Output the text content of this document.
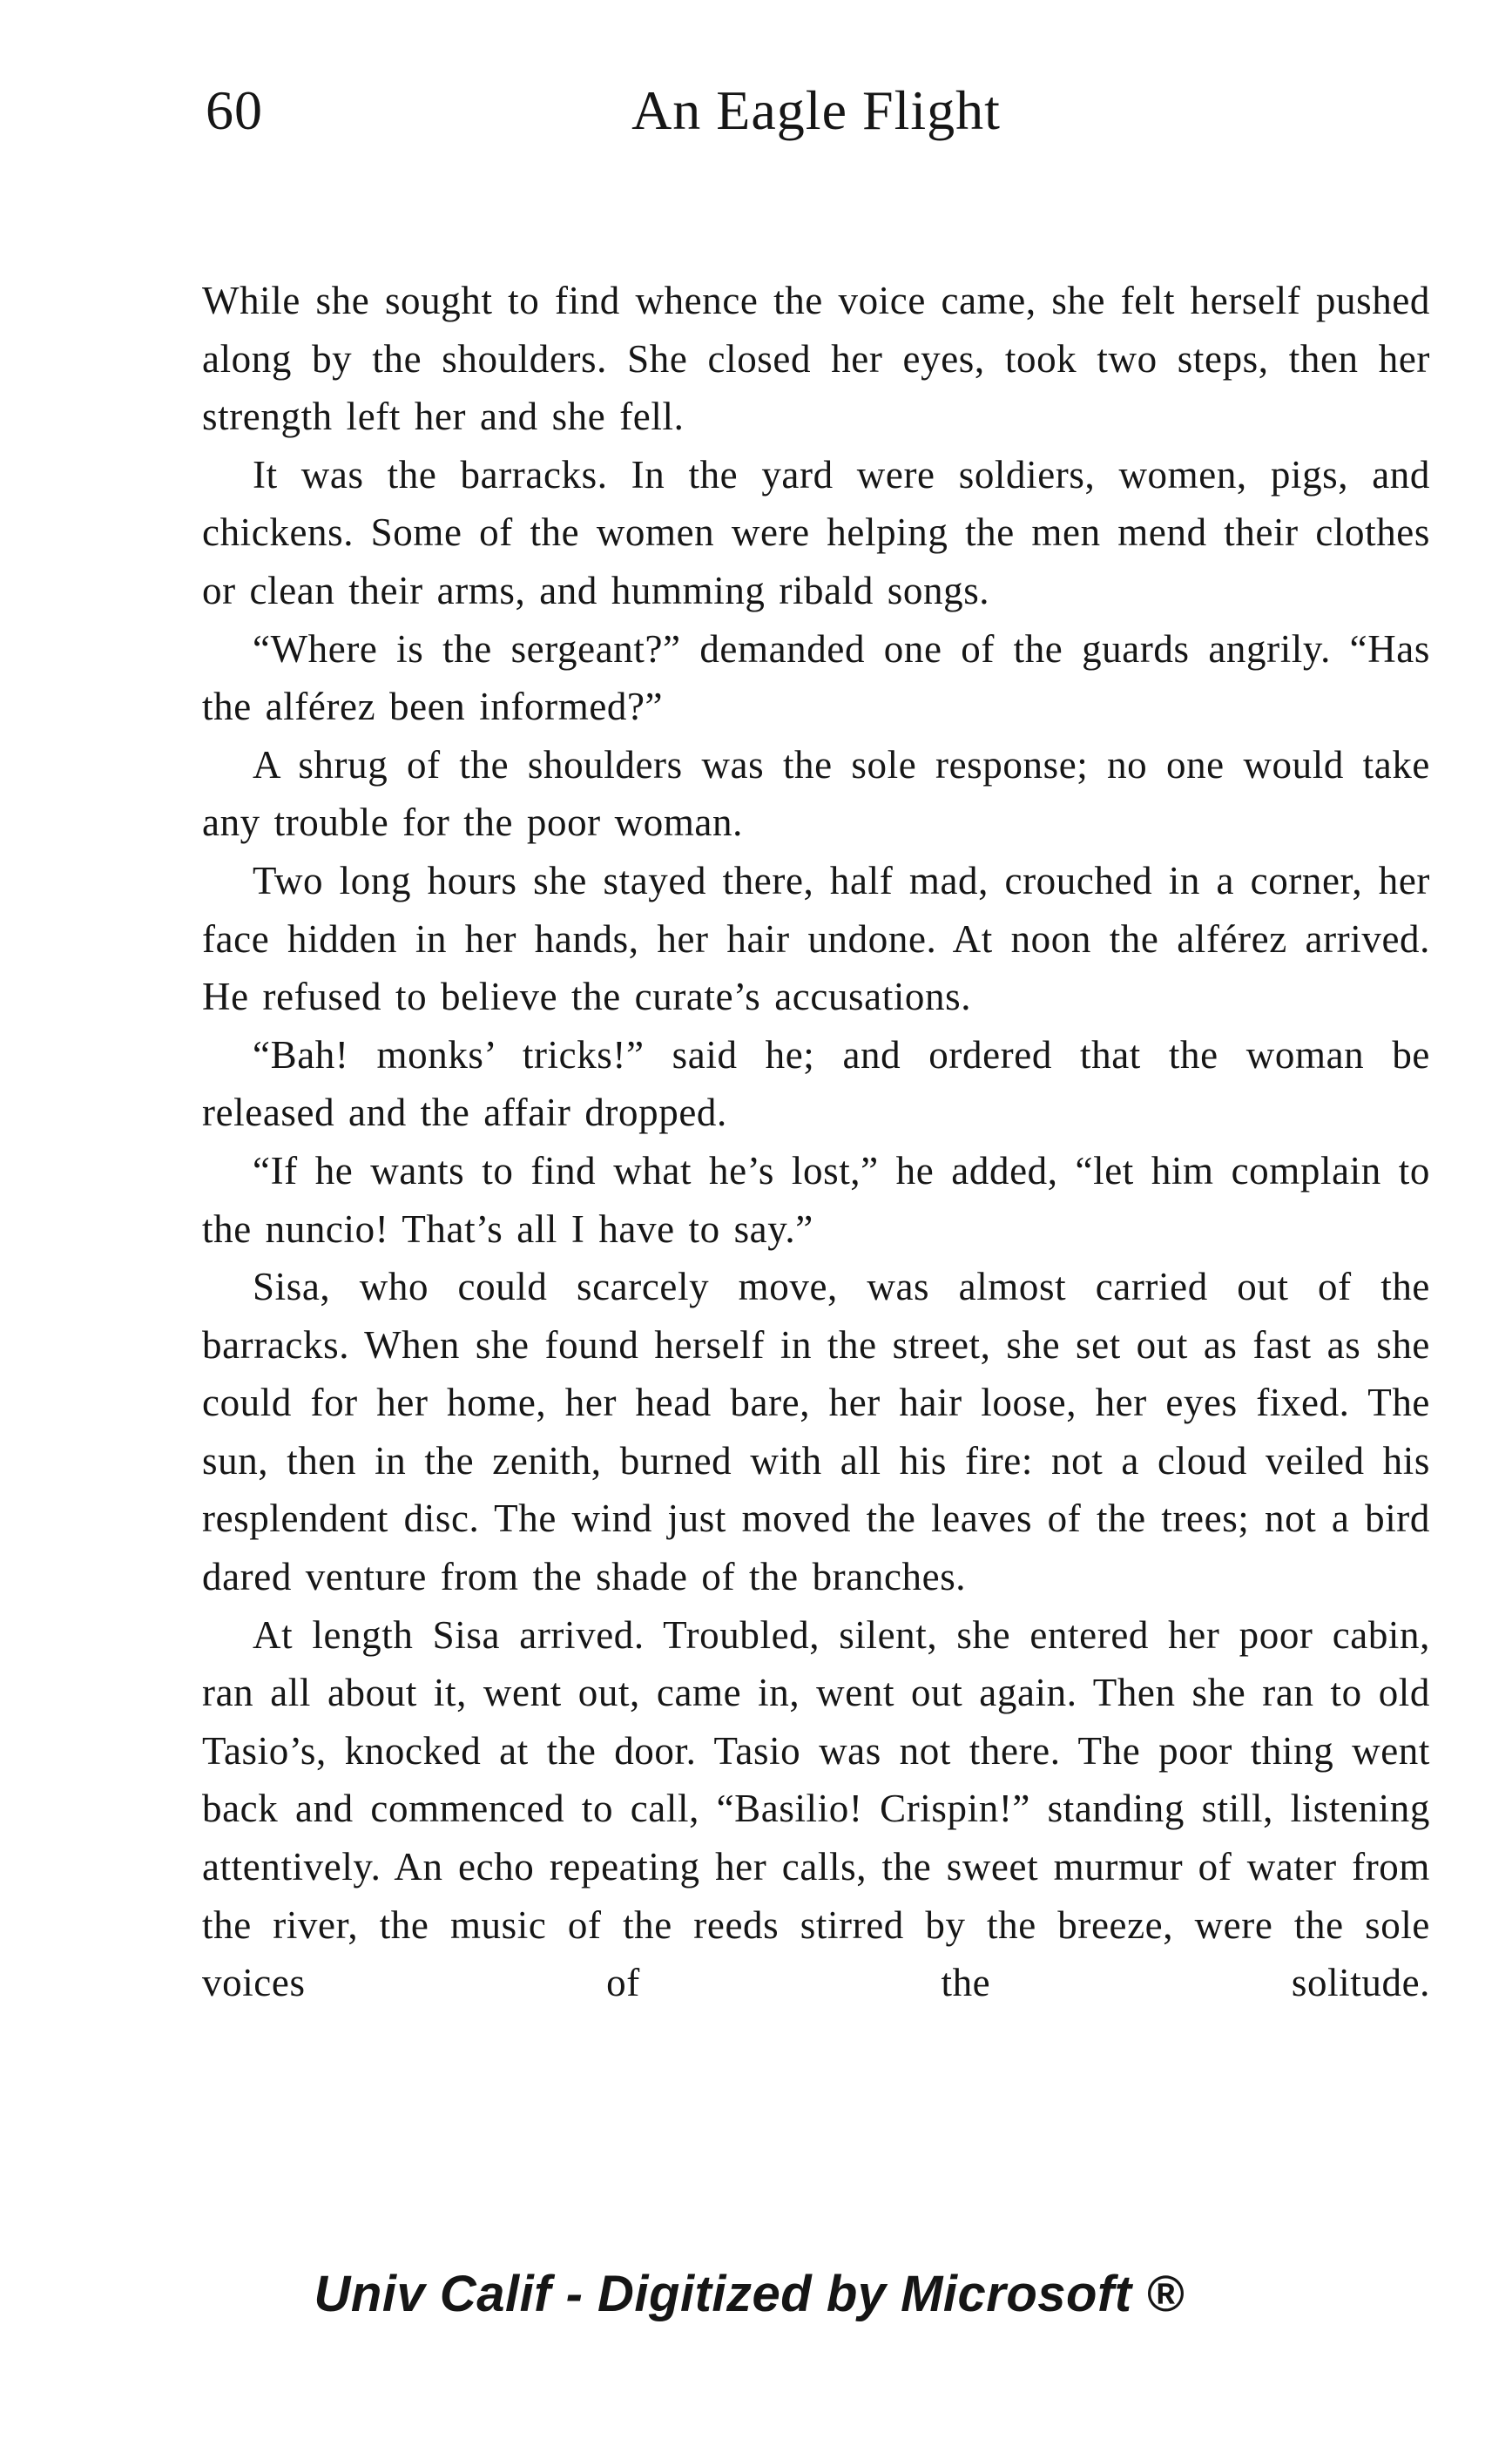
60	An Eagle Flight

While she sought to find whence the voice came, she felt herself pushed along by the shoulders. She closed her eyes, took two steps, then her strength left her and she fell.

It was the barracks. In the yard were soldiers, women, pigs, and chickens. Some of the women were helping the men mend their clothes or clean their arms, and humming ribald songs.

“Where is the sergeant?” demanded one of the guards angrily. “Has the alférez been informed?”

A shrug of the shoulders was the sole response; no one would take any trouble for the poor woman.

Two long hours she stayed there, half mad, crouched in a corner, her face hidden in her hands, her hair undone. At noon the alférez arrived. He refused to believe the curate’s accusations.

“Bah! monks’ tricks!” said he; and ordered that the woman be released and the affair dropped.

“If he wants to find what he’s lost,” he added, “let him complain to the nuncio! That’s all I have to say.”

Sisa, who could scarcely move, was almost carried out of the barracks. When she found herself in the street, she set out as fast as she could for her home, her head bare, her hair loose, her eyes fixed. The sun, then in the zenith, burned with all his fire: not a cloud veiled his resplendent disc. The wind just moved the leaves of the trees; not a bird dared venture from the shade of the branches.

At length Sisa arrived. Troubled, silent, she entered her poor cabin, ran all about it, went out, came in, went out again. Then she ran to old Tasio’s, knocked at the door. Tasio was not there. The poor thing went back and commenced to call, “Basilio! Crispin!” standing still, listening attentively. An echo repeating her calls, the sweet murmur of water from the river, the music of the reeds stirred by the breeze, were the sole voices of the solitude.

Univ Calif - Digitized by Microsoft ®
